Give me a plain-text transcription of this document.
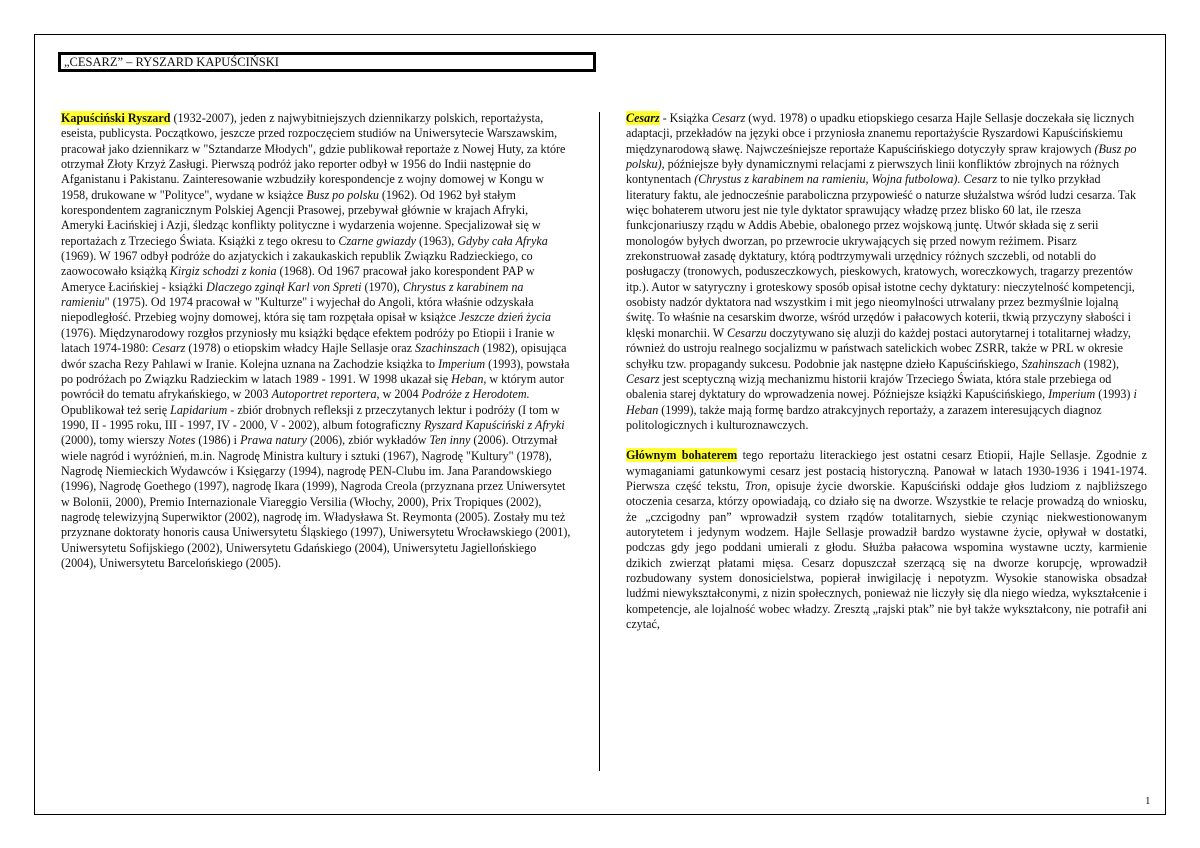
„CESARZ” – RYSZARD KAPUŚCIŃSKI

Kapuściński Ryszard (1932-2007), jeden z najwybitniejszych dziennikarzy polskich, reportażysta, eseista, publicysta. Początkowo, jeszcze przed rozpoczęciem studiów na Uniwersytecie Warszawskim, pracował jako dziennikarz w "Sztandarze Młodych", gdzie publikował reportaże z Nowej Huty, za które otrzymał Złoty Krzyż Zasługi. Pierwszą podróż jako reporter odbył w 1956 do Indii następnie do Afganistanu i Pakistanu. Zainteresowanie wzbudziły korespondencje z wojny domowej w Kongu w 1958, drukowane w "Polityce", wydane w książce Busz po polsku (1962). Od 1962 był stałym korespondentem zagranicznym Polskiej Agencji Prasowej, przebywał głównie w krajach Afryki, Ameryki Łacińskiej i Azji, śledząc konflikty polityczne i wydarzenia wojenne. Specjalizował się w reportażach z Trzeciego Świata. Książki z tego okresu to Czarne gwiazdy (1963), Gdyby cała Afryka (1969). W 1967 odbył podróże do azjatyckich i zakaukaskich republik Związku Radzieckiego, co zaowocowało książką Kirgiz schodzi z konia (1968). Od 1967 pracował jako korespondent PAP w Ameryce Łacińskiej - książki Dlaczego zginął Karl von Spreti (1970), Chrystus z karabinem na ramieniu" (1975). Od 1974 pracował w "Kulturze" i wyjechał do Angoli, która właśnie odzyskała niepodległość. Przebieg wojny domowej, która się tam rozpętała opisał w książce Jeszcze dzień życia (1976). Międzynarodowy rozgłos przyniosły mu książki będące efektem podróży po Etiopii i Iranie w latach 1974-1980: Cesarz (1978) o etiopskim władcy Hajle Sellasje oraz Szachinszach (1982), opisująca dwór szacha Rezy Pahlawi w Iranie. Kolejna uznana na Zachodzie książka to Imperium (1993), powstała po podróżach po Związku Radzieckim w latach 1989 - 1991. W 1998 ukazał się Heban, w którym autor powrócił do tematu afrykańskiego, w 2003 Autoportret reportera, w 2004 Podróże z Herodotem. Opublikował też serię Lapidarium - zbiór drobnych refleksji z przeczytanych lektur i podróży (I tom w 1990, II - 1995 roku, III - 1997, IV - 2000, V - 2002), album fotograficzny Ryszard Kapuściński z Afryki (2000), tomy wierszy Notes (1986) i Prawa natury (2006), zbiór wykładów Ten inny (2006). Otrzymał wiele nagród i wyróżnień, m.in. Nagrodę Ministra kultury i sztuki (1967), Nagrodę "Kultury" (1978), Nagrodę Niemieckich Wydawców i Księgarzy (1994), nagrodę PEN-Clubu im. Jana Parandowskiego (1996), Nagrodę Goethego (1997), nagrodę Ikara (1999), Nagroda Creola (przyznana przez Uniwersytet w Bolonii, 2000), Premio Internazionale Viareggio Versilia (Włochy, 2000), Prix Tropiques (2002), nagrodę telewizyjną Superwiktor (2002), nagrodę im. Władysława St. Reymonta (2005). Zostały mu też przyznane doktoraty honoris causa Uniwersytetu Śląskiego (1997), Uniwersytetu Wrocławskiego (2001), Uniwersytetu Sofijskiego (2002), Uniwersytetu Gdańskiego (2004), Uniwersytetu Jagiellońskiego (2004), Uniwersytetu Barcelońskiego (2005).

Cesarz - Książka Cesarz (wyd. 1978) o upadku etiopskiego cesarza Hajle Sellasje doczekała się licznych adaptacji, przekładów na języki obce i przyniosła znanemu reportażyście Ryszardowi Kapuścińskiemu międzynarodową sławę. Najwcześniejsze reportaże Kapuścińskiego dotyczyły spraw krajowych (Busz po polsku), późniejsze były dynamicznymi relacjami z pierwszych linii konfliktów zbrojnych na różnych kontynentach (Chrystus z karabinem na ramieniu, Wojna futbolowa). Cesarz to nie tylko przykład literatury faktu, ale jednocześnie paraboliczna przypowieść o naturze służalstwa wśród ludzi cesarza. Tak więc bohaterem utworu jest nie tyle dyktator sprawujący władzę przez blisko 60 lat, ile rzesza funkcjonariuszy rządu w Addis Abebie, obalonego przez wojskową juntę. Utwór składa się z serii monologów byłych dworzan, po przewrocie ukrywających się przed nowym reżimem. Pisarz zrekonstruował zasadę dyktatury, którą podtrzymywali urzędnicy różnych szczebli, od notabli do posługaczy (tronowych, poduszeczkowych, pieskowych, kratowych, woreczkowych, tragarzy prezentów itp.). Autor w satyryczny i groteskowy sposób opisał istotne cechy dyktatury: nieczytelność kompetencji, osobisty nadzór dyktatora nad wszystkim i mit jego nieomylności utrwalany przez bezmyślnie lojalną świtę. To właśnie na cesarskim dworze, wśród urzędów i pałacowych koterii, tkwią przyczyny słabości i klęski monarchii. W Cesarzu doczytywano się aluzji do każdej postaci autorytarnej i totalitarnej władzy, również do ustroju realnego socjalizmu w państwach satelickich wobec ZSRR, także w PRL w okresie schyłku tzw. propagandy sukcesu. Podobnie jak następne dzieło Kapuścińskiego, Szahinszach (1982), Cesarz jest sceptyczną wizją mechanizmu historii krajów Trzeciego Świata, która stale przebiega od obalenia starej dyktatury do wprowadzenia nowej. Późniejsze książki Kapuścińskiego, Imperium (1993) i Heban (1999), także mają formę bardzo atrakcyjnych reportaży, a zarazem interesujących diagnoz politologicznych i kulturoznawczych.

Głównym bohaterem tego reportażu literackiego jest ostatni cesarz Etiopii, Hajle Sellasje. Zgodnie z wymaganiami gatunkowymi cesarz jest postacią historyczną. Panował w latach 1930-1936 i 1941-1974. Pierwsza część tekstu, Tron, opisuje życie dworskie. Kapuściński oddaje głos ludziom z najbliższego otoczenia cesarza, którzy opowiadają, co działo się na dworze. Wszystkie te relacje prowadzą do wniosku, że „czcigodny pan” wprowadził system rządów totalitarnych, siebie czyniąc niekwestionowanym autorytetem i jedynym wodzem. Hajle Sellasje prowadził bardzo wystawne życie, opływał w dostatki, podczas gdy jego poddani umierali z głodu. Służba pałacowa wspomina wystawne uczty, karmienie dzikich zwierząt płatami mięsa. Cesarz dopuszczał szerzącą się na dworze korupcję, wprowadził rozbudowany system donosicielstwa, popierał inwigilację i nepotyzm. Wysokie stanowiska obsadzał ludźmi niewykształconymi, z nizin społecznych, ponieważ nie liczyły się dla niego wiedza, wykształcenie i kompetencje, ale lojalność wobec władzy. Zresztą „rajski ptak” nie był także wykształcony, nie potrafił ani czytać,

1
